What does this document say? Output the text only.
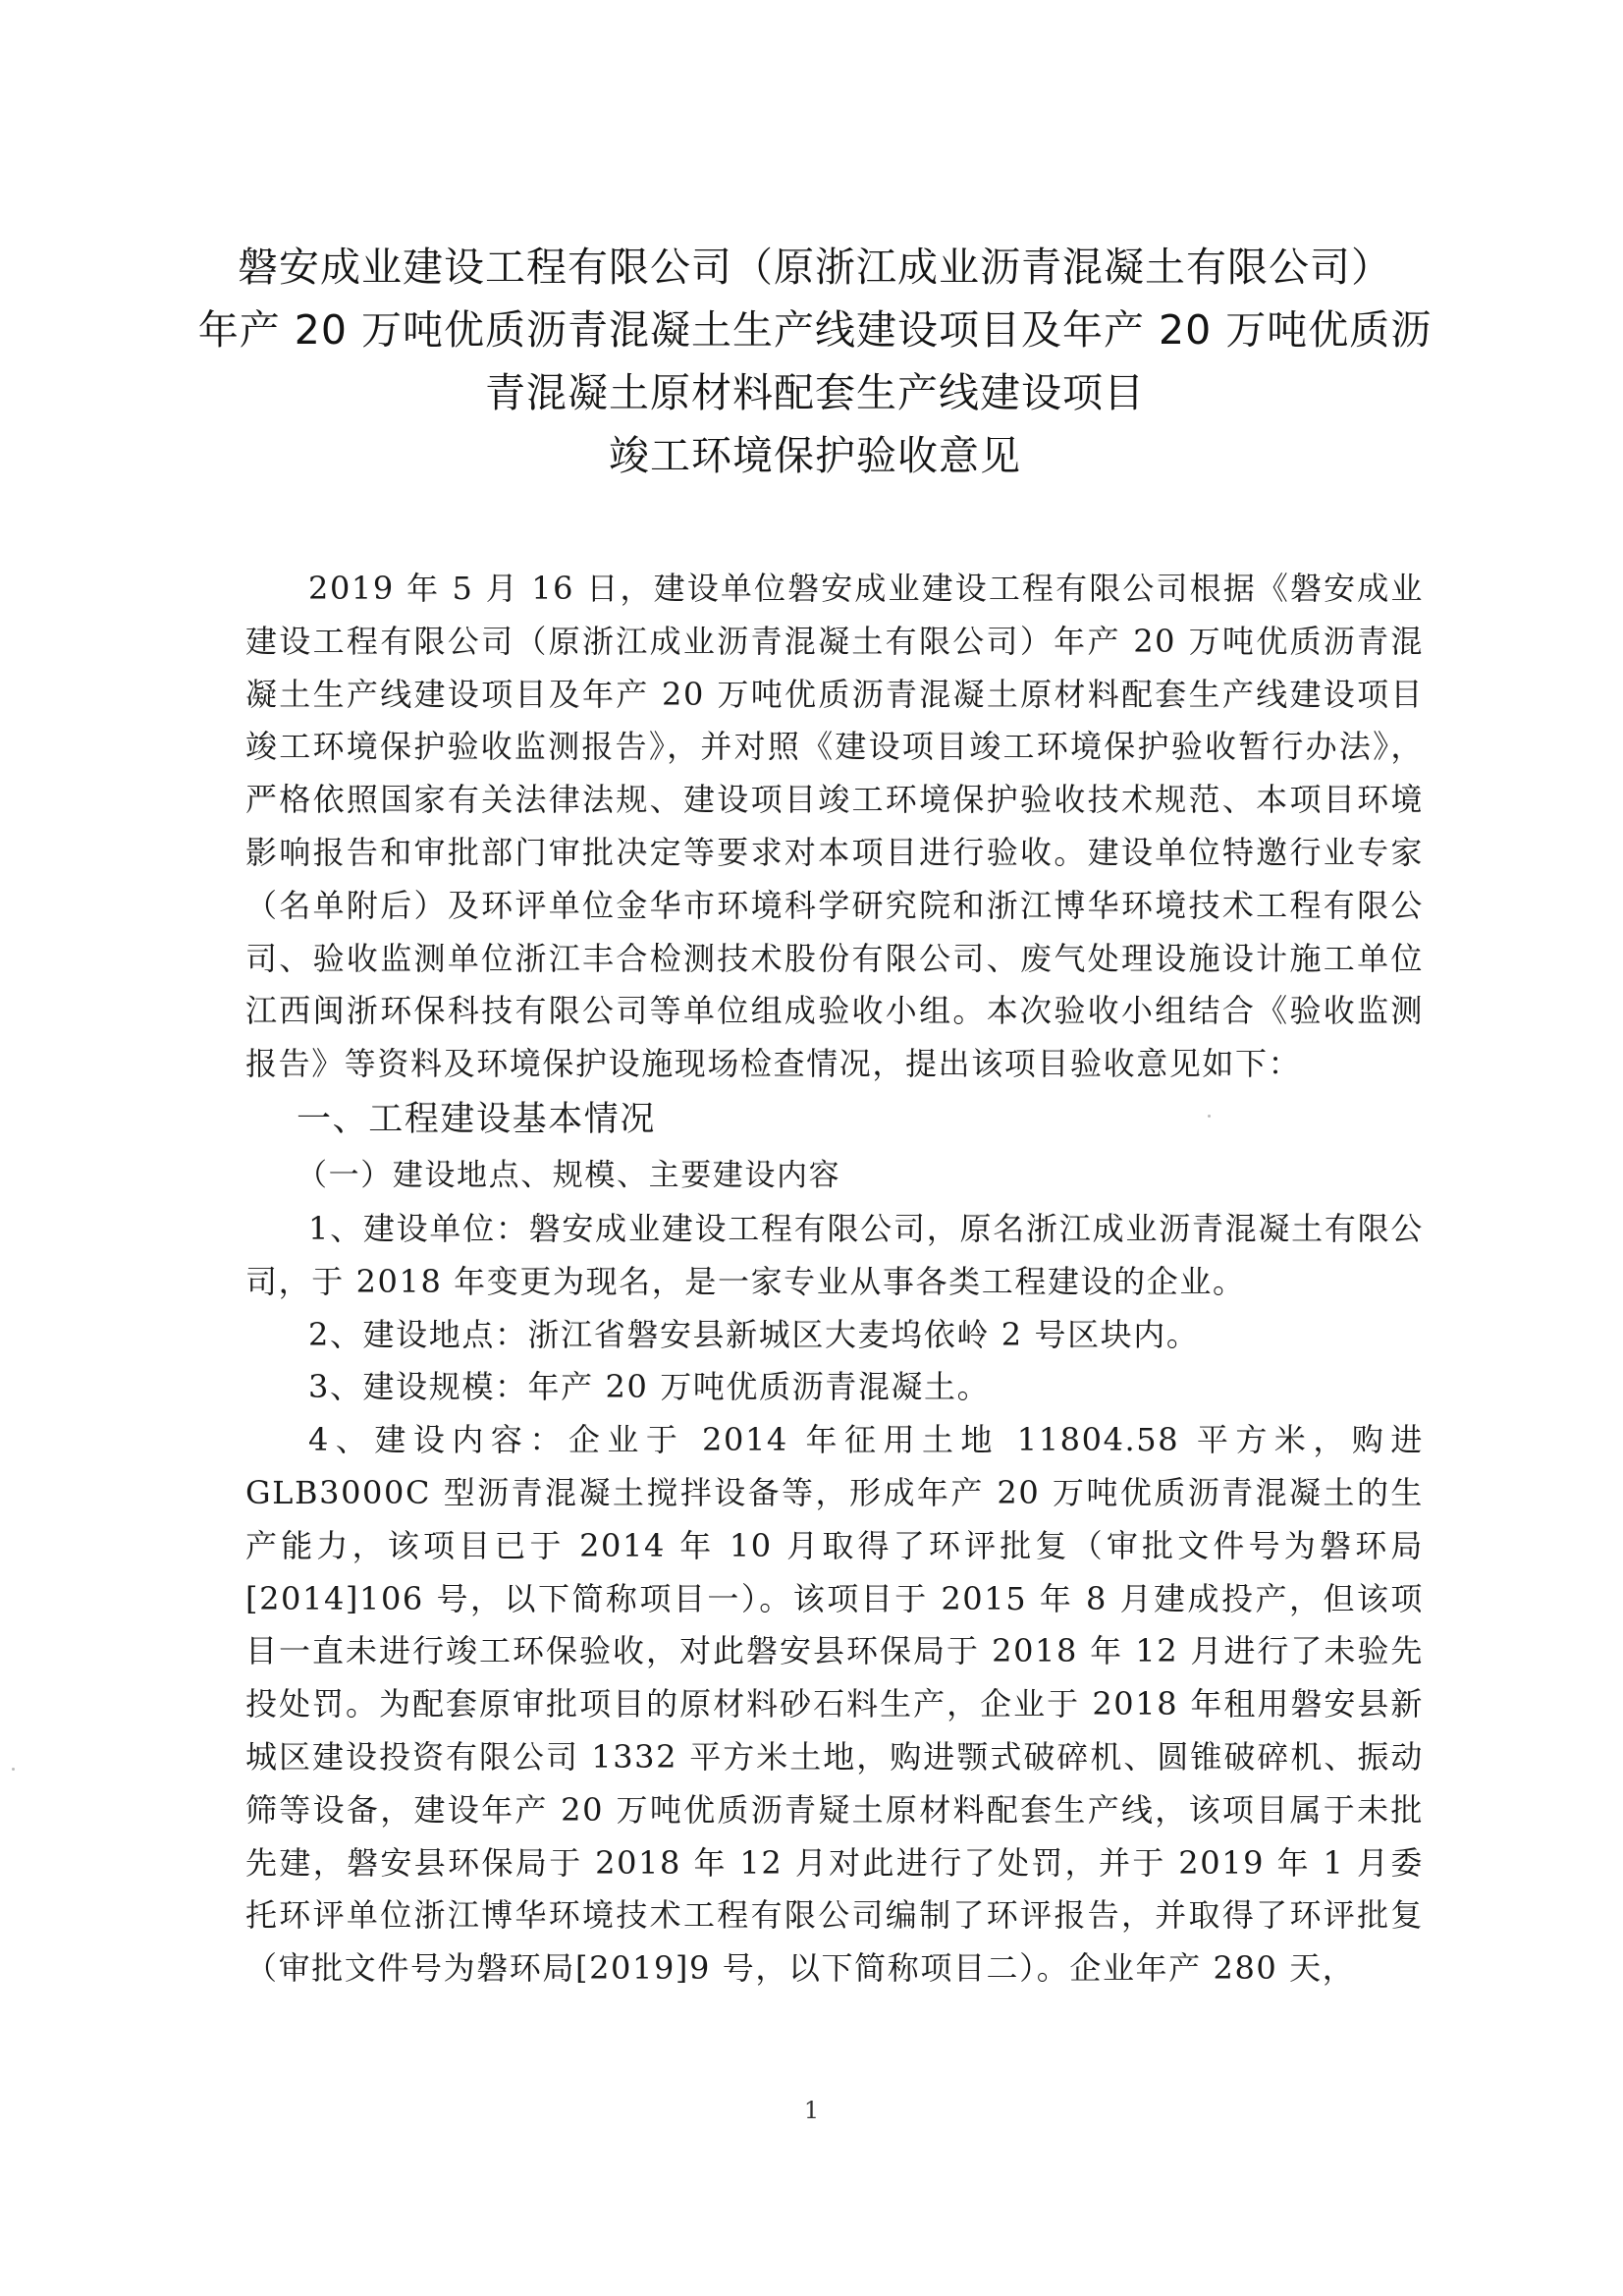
磐安成业建设工程有限公司（原浙江成业沥青混凝土有限公司）
年产 20 万吨优质沥青混凝土生产线建设项目及年产 20 万吨优质沥
青混凝土原材料配套生产线建设项目
竣工环境保护验收意见

2019 年 5 月 16 日，建设单位磐安成业建设工程有限公司根据《磐安成业建设工程有限公司（原浙江成业沥青混凝土有限公司）年产 20 万吨优质沥青混凝土生产线建设项目及年产 20 万吨优质沥青混凝土原材料配套生产线建设项目竣工环境保护验收监测报告》，并对照《建设项目竣工环境保护验收暂行办法》，严格依照国家有关法律法规、建设项目竣工环境保护验收技术规范、本项目环境影响报告和审批部门审批决定等要求对本项目进行验收。建设单位特邀行业专家（名单附后）及环评单位金华市环境科学研究院和浙江博华环境技术工程有限公司、验收监测单位浙江丰合检测技术股份有限公司、废气处理设施设计施工单位江西闽浙环保科技有限公司等单位组成验收小组。本次验收小组结合《验收监测报告》等资料及环境保护设施现场检查情况，提出该项目验收意见如下：

一、工程建设基本情况

（一）建设地点、规模、主要建设内容

1、建设单位：磐安成业建设工程有限公司，原名浙江成业沥青混凝土有限公司，于 2018 年变更为现名，是一家专业从事各类工程建设的企业。

2、建设地点：浙江省磐安县新城区大麦坞依岭 2 号区块内。

3、建设规模：年产 20 万吨优质沥青混凝土。

4、建设内容：企业于 2014 年征用土地 11804.58 平方米，购进 GLB3000C 型沥青混凝土搅拌设备等，形成年产 20 万吨优质沥青混凝土的生产能力，该项目已于 2014 年 10 月取得了环评批复（审批文件号为磐环局[2014]106 号，以下简称项目一）。该项目于 2015 年 8 月建成投产，但该项目一直未进行竣工环保验收，对此磐安县环保局于 2018 年 12 月进行了未验先投处罚。为配套原审批项目的原材料砂石料生产，企业于 2018 年租用磐安县新城区建设投资有限公司 1332 平方米土地，购进颚式破碎机、圆锥破碎机、振动筛等设备，建设年产 20 万吨优质沥青疑土原材料配套生产线，该项目属于未批先建，磐安县环保局于 2018 年 12 月对此进行了处罚，并于 2019 年 1 月委托环评单位浙江博华环境技术工程有限公司编制了环评报告，并取得了环评批复（审批文件号为磐环局[2019]9 号，以下简称项目二）。企业年产 280 天，

1
